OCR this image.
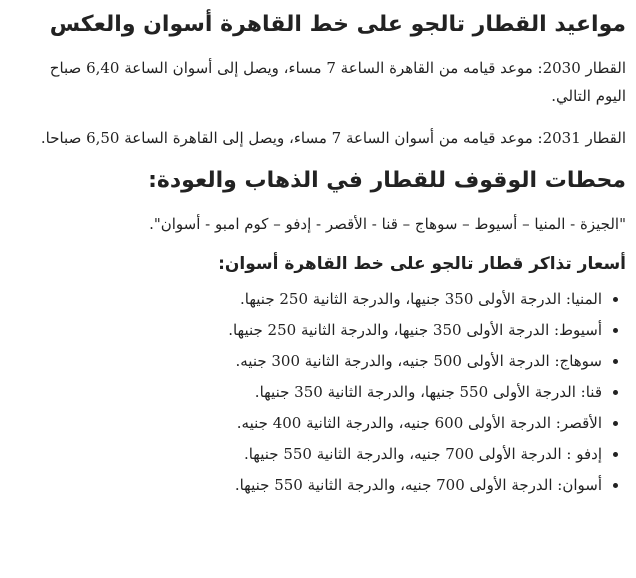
مواعيد القطار تالجو على خط القاهرة أسوان والعكس

القطار 2030: موعد قيامه من القاهرة الساعة 7 مساء، ويصل إلى أسوان الساعة 6,40 صباح اليوم التالي.

القطار 2031: موعد قيامه من أسوان الساعة 7 مساء، ويصل إلى القاهرة الساعة 6,50 صباحا.

محطات الوقوف للقطار في الذهاب والعودة:

"الجيزة - المنيا – أسيوط – سوهاج – قنا - الأقصر - إدفو – كوم امبو - أسوان".

أسعار تذاكر قطار تالجو على خط القاهرة أسوان:
• المنيا: الدرجة الأولى 350 جنيها، والدرجة الثانية 250 جنيها.
• أسيوط: الدرجة الأولى 350 جنيها، والدرجة الثانية 250 جنيها.
• سوهاج: الدرجة الأولى 500 جنيه، والدرجة الثانية 300 جنيه.
• قنا: الدرجة الأولى 550 جنيها، والدرجة الثانية 350 جنيها.
• الأقصر: الدرجة الأولى 600 جنيه، والدرجة الثانية 400 جنيه.
• إدفو : الدرجة الأولى 700 جنيه، والدرجة الثانية 550 جنيها.
• أسوان: الدرجة الأولى 700 جنيه، والدرجة الثانية 550 جنيها.
